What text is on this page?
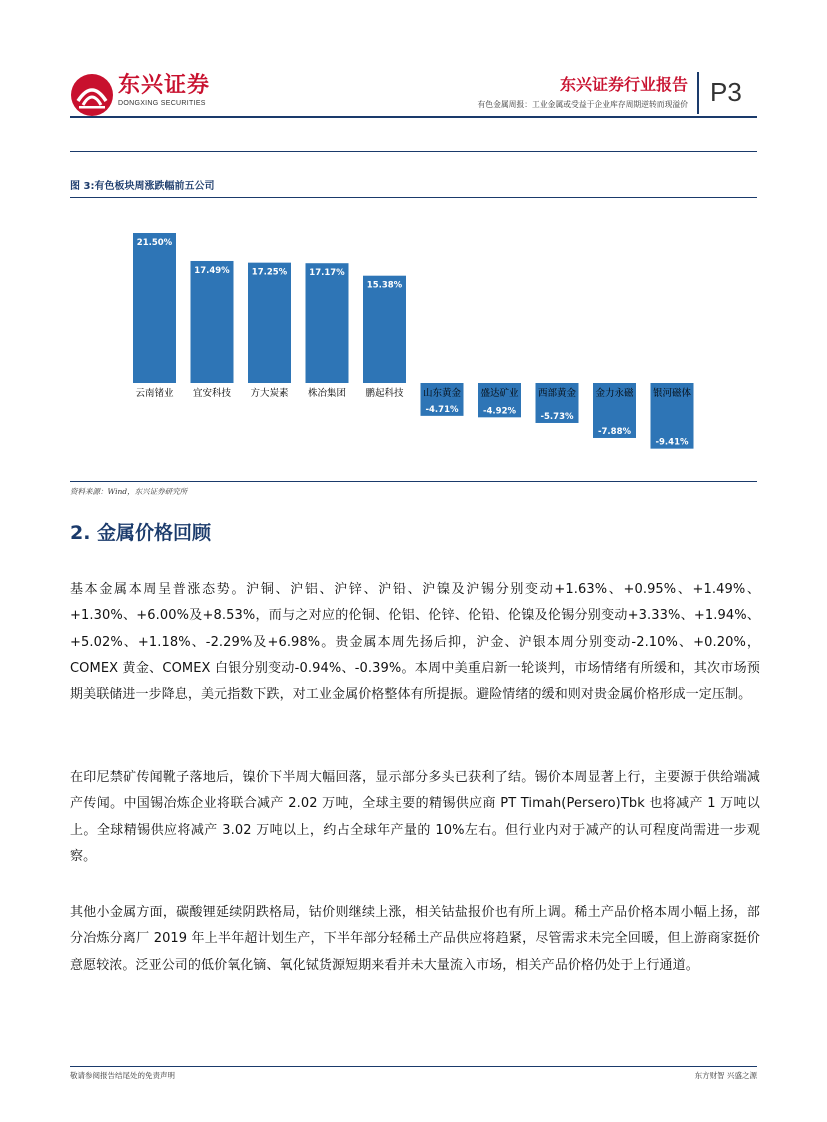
东兴证券
DONGXING SECURITIES
东兴证券行业报告
有色金属周报：工业金属或受益于企业库存周期逆转而现溢价 P3
图 3:有色板块周涨跌幅前五公司
21.50%
云南锗业
17.49%
宜安科技
17.25%
方大炭素
17.17%
株冶集团
15.38%
鹏起科技
-4.71%
山东黄金
-4.92%
盛达矿业
-5.73%
西部黄金
-7.88%
金力永磁
-9.41%
银河磁体
资料来源：Wind，东兴证券研究所
2. 金属价格回顾
基本金属本周呈普涨态势。沪铜、沪铝、沪锌、沪铅、沪镍及沪锡分别变动+1.63%、+0.95%、+1.49%、+1.30%、+6.00%及+8.53%，而与之对应的伦铜、伦铝、伦锌、伦铅、伦镍及伦锡分别变动+3.33%、+1.94%、+5.02%、+1.18%、-2.29%及+6.98%。贵金属本周先扬后抑，沪金、沪银本周分别变动-2.10%、+0.20%，COMEX 黄金、COMEX 白银分别变动-0.94%、-0.39%。本周中美重启新一轮谈判，市场情绪有所缓和，其次市场预期美联储进一步降息，美元指数下跌，对工业金属价格整体有所提振。避险情绪的缓和则对贵金属价格形成一定压制。
在印尼禁矿传闻靴子落地后，镍价下半周大幅回落，显示部分多头已获利了结。锡价本周显著上行，主要源于供给端减产传闻。中国锡冶炼企业将联合减产 2.02 万吨，全球主要的精锡供应商 PT Timah(Persero)Tbk 也将减产 1 万吨以上。全球精锡供应将减产 3.02 万吨以上，约占全球年产量的 10%左右。但行业内对于减产的认可程度尚需进一步观察。
其他小金属方面，碳酸锂延续阴跌格局，钴价则继续上涨，相关钴盐报价也有所上调。稀土产品价格本周小幅上扬，部分冶炼分离厂 2019 年上半年超计划生产，下半年部分轻稀土产品供应将趋紧，尽管需求未完全回暖，但上游商家挺价意愿较浓。泛亚公司的低价氧化镝、氧化铽货源短期来看并未大量流入市场，相关产品价格仍处于上行通道。
敬请参阅报告结尾处的免责声明	东方财智 兴盛之源
